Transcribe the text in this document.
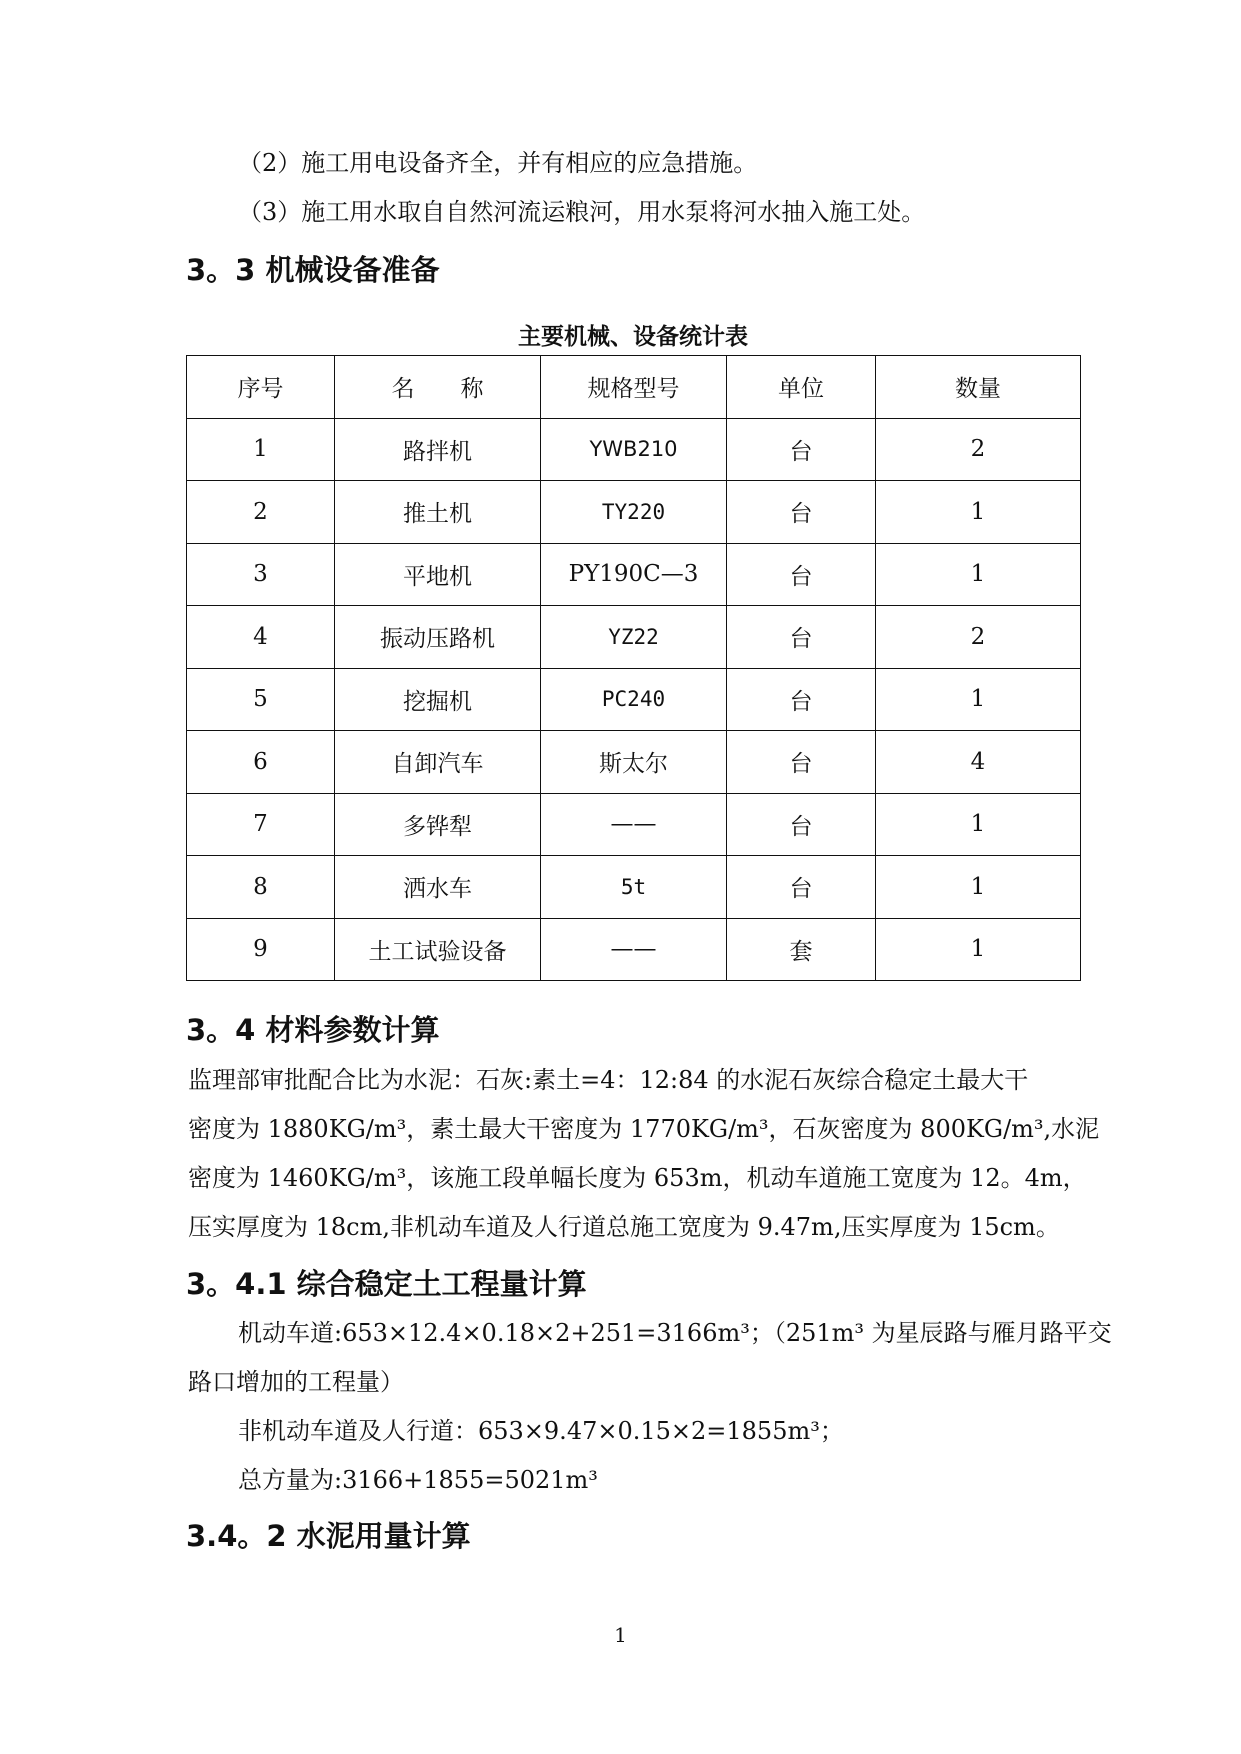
（2）施工用电设备齐全，并有相应的应急措施。
（3）施工用水取自自然河流运粮河，用水泵将河水抽入施工处。
3。3 机械设备准备
主要机械、设备统计表
序号	名　　称	规格型号	单位	数量
1	路拌机	YWB210	台	2
2	推土机	TY220	台	1
3	平地机	PY190C—3	台	1
4	振动压路机	YZ22	台	2
5	挖掘机	PC240	台	1
6	自卸汽车	斯太尔	台	4
7	多铧犁	——	台	1
8	洒水车	5t	台	1
9	土工试验设备	——	套	1
3。4 材料参数计算
监理部审批配合比为水泥：石灰:素土=4：12:84 的水泥石灰综合稳定土最大干
密度为 1880KG/m³，素土最大干密度为 1770KG/m³，石灰密度为 800KG/m³,水泥
密度为 1460KG/m³，该施工段单幅长度为 653m，机动车道施工宽度为 12。4m，
压实厚度为 18cm,非机动车道及人行道总施工宽度为 9.47m,压实厚度为 15cm。
3。4.1 综合稳定土工程量计算
机动车道:653×12.4×0.18×2+251=3166m³；（251m³ 为星辰路与雁月路平交
路口增加的工程量）
非机动车道及人行道：653×9.47×0.15×2=1855m³；
总方量为:3166+1855=5021m³
3.4。2 水泥用量计算
1
